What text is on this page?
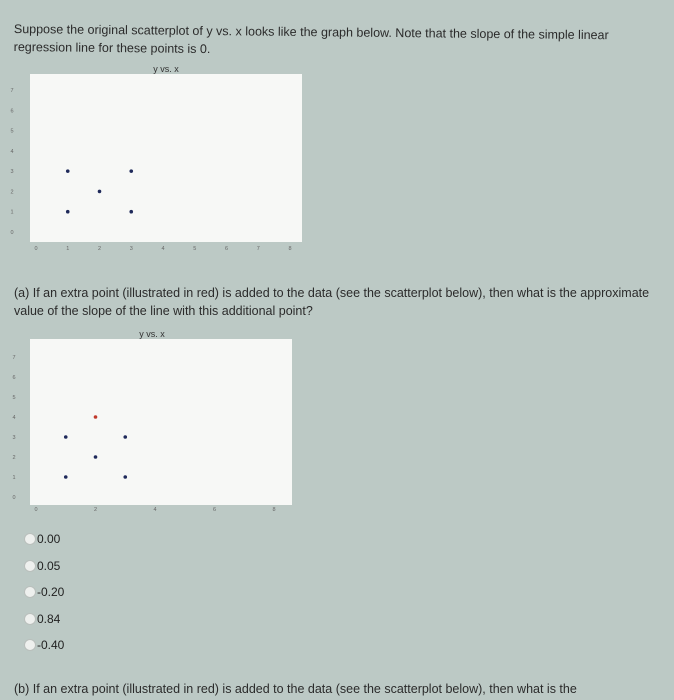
Suppose the original scatterplot of y vs. x looks like the graph below. Note that the slope of the simple linear regression line for these points is 0.

y vs. x
0
1
2
3
4
5
6
7
0	1	2	3	4	5	6	7	8

(a) If an extra point (illustrated in red) is added to the data (see the scatterplot below), then what is the approximate value of the slope of the line with this additional point?

y vs. x
0
1
2
3
4
5
6
7
0	2	4	6	8
0.00
0.05
-0.20
0.84
-0.40

(b) If an extra point (illustrated in red) is added to the data (see the scatterplot below), then what is the
